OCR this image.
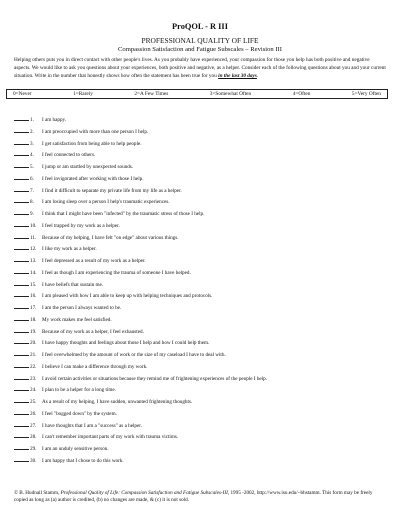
ProQOL - R III
PROFESSIONAL QUALITY OF LIFE
Compassion Satisfaction and Fatigue Subscales – Revision III
Helping others puts you in direct contact with other people's lives. As you probably have experienced, your compassion for those you help has both positive and negative aspects. We would like to ask you questions about your experiences, both positive and negative, as a helper. Consider each of the following questions about you and your current situation. Write in the number that honestly shows how often the statement has been true for you in the last 30 days.
0=Never	1=Rarely	2=A Few Times	3=Somewhat Often	4=Often	5=Very Often
1.	I am happy.
2.	I am preoccupied with more than one person I help.
3.	I get satisfaction from being able to help people.
4.	I feel connected to others.
5.	I jump or am startled by unexpected sounds.
6.	I feel invigorated after working with those I help.
7.	I find it difficult to separate my private life from my life as a helper.
8.	I am losing sleep over a person I help's traumatic experiences.
9.	I think that I might have been "infected" by the traumatic stress of those I help.
10.	I feel trapped by my work as a helper.
11.	Because of my helping, I have felt "on edge" about various things.
12.	I like my work as a helper.
13.	I feel depressed as a result of my work as a helper.
14.	I feel as though I am experiencing the trauma of someone I have helped.
15.	I have beliefs that sustain me.
16.	I am pleased with how I am able to keep up with helping techniques and protocols.
17.	I am the person I always wanted to be.
18.	My work makes me feel satisfied.
19.	Because of my work as a helper, I feel exhausted.
20.	I have happy thoughts and feelings about those I help and how I could help them.
21.	I feel overwhelmed by the amount of work or the size of my caseload I have to deal with.
22.	I believe I can make a difference through my work.
23.	I avoid certain activities or situations because they remind me of frightening experiences of the people I help.
24.	I plan to be a helper for a long time.
25.	As a result of my helping, I have sudden, unwanted frightening thoughts.
26.	I feel "bogged down" by the system.
27.	I have thoughts that I am a "success" as a helper.
28.	I can't remember important parts of my work with trauma victims.
29.	I am an unduly sensitive person.
30.	I am happy that I chose to do this work.
© B. Hudnall Stamm, Professional Quality of Life: Compassion Satisfaction and Fatigue Subscales-III, 1995 -2002, http://www.isu.edu/~bhstamm. This form may be freely copied as long as (a) author is credited, (b) no changes are made, & (c) it is not sold.
